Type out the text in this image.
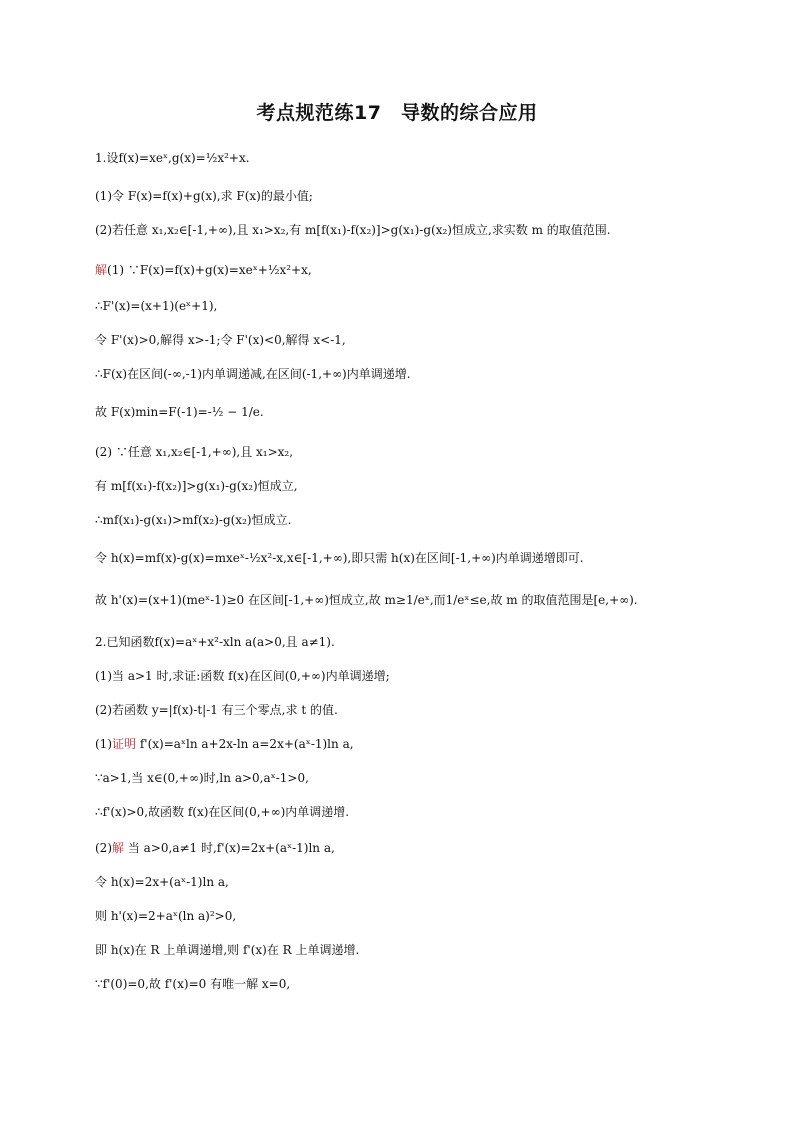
考点规范练17　导数的综合应用
1.设f(x)=xeˣ,g(x)=½x²+x.
(1)令 F(x)=f(x)+g(x),求 F(x)的最小值;
(2)若任意 x₁,x₂∈[-1,+∞),且 x₁>x₂,有 m[f(x₁)-f(x₂)]>g(x₁)-g(x₂)恒成立,求实数 m 的取值范围.
解(1) ∵F(x)=f(x)+g(x)=xeˣ+½x²+x,
∴F'(x)=(x+1)(eˣ+1),
令 F'(x)>0,解得 x>-1;令 F'(x)<0,解得 x<-1,
∴F(x)在区间(-∞,-1)内单调递减,在区间(-1,+∞)内单调递增.
故 F(x)min=F(-1)=-½ − 1/e.
(2) ∵任意 x₁,x₂∈[-1,+∞),且 x₁>x₂,
有 m[f(x₁)-f(x₂)]>g(x₁)-g(x₂)恒成立,
∴mf(x₁)-g(x₁)>mf(x₂)-g(x₂)恒成立.
令 h(x)=mf(x)-g(x)=mxeˣ-½x²-x,x∈[-1,+∞),即只需 h(x)在区间[-1,+∞)内单调递增即可.
故 h'(x)=(x+1)(meˣ-1)≥0 在区间[-1,+∞)恒成立,故 m≥1/eˣ,而1/eˣ≤e,故 m 的取值范围是[e,+∞).
2.已知函数f(x)=aˣ+x²-xln a(a>0,且 a≠1).
(1)当 a>1 时,求证:函数 f(x)在区间(0,+∞)内单调递增;
(2)若函数 y=|f(x)-t|-1 有三个零点,求 t 的值.
(1)证明 f'(x)=aˣln a+2x-ln a=2x+(aˣ-1)ln a,
∵a>1,当 x∈(0,+∞)时,ln a>0,aˣ-1>0,
∴f'(x)>0,故函数 f(x)在区间(0,+∞)内单调递增.
(2)解 当 a>0,a≠1 时,f'(x)=2x+(aˣ-1)ln a,
令 h(x)=2x+(aˣ-1)ln a,
则 h'(x)=2+aˣ(ln a)²>0,
即 h(x)在 R 上单调递增,则 f'(x)在 R 上单调递增.
∵f'(0)=0,故 f'(x)=0 有唯一解 x=0,
